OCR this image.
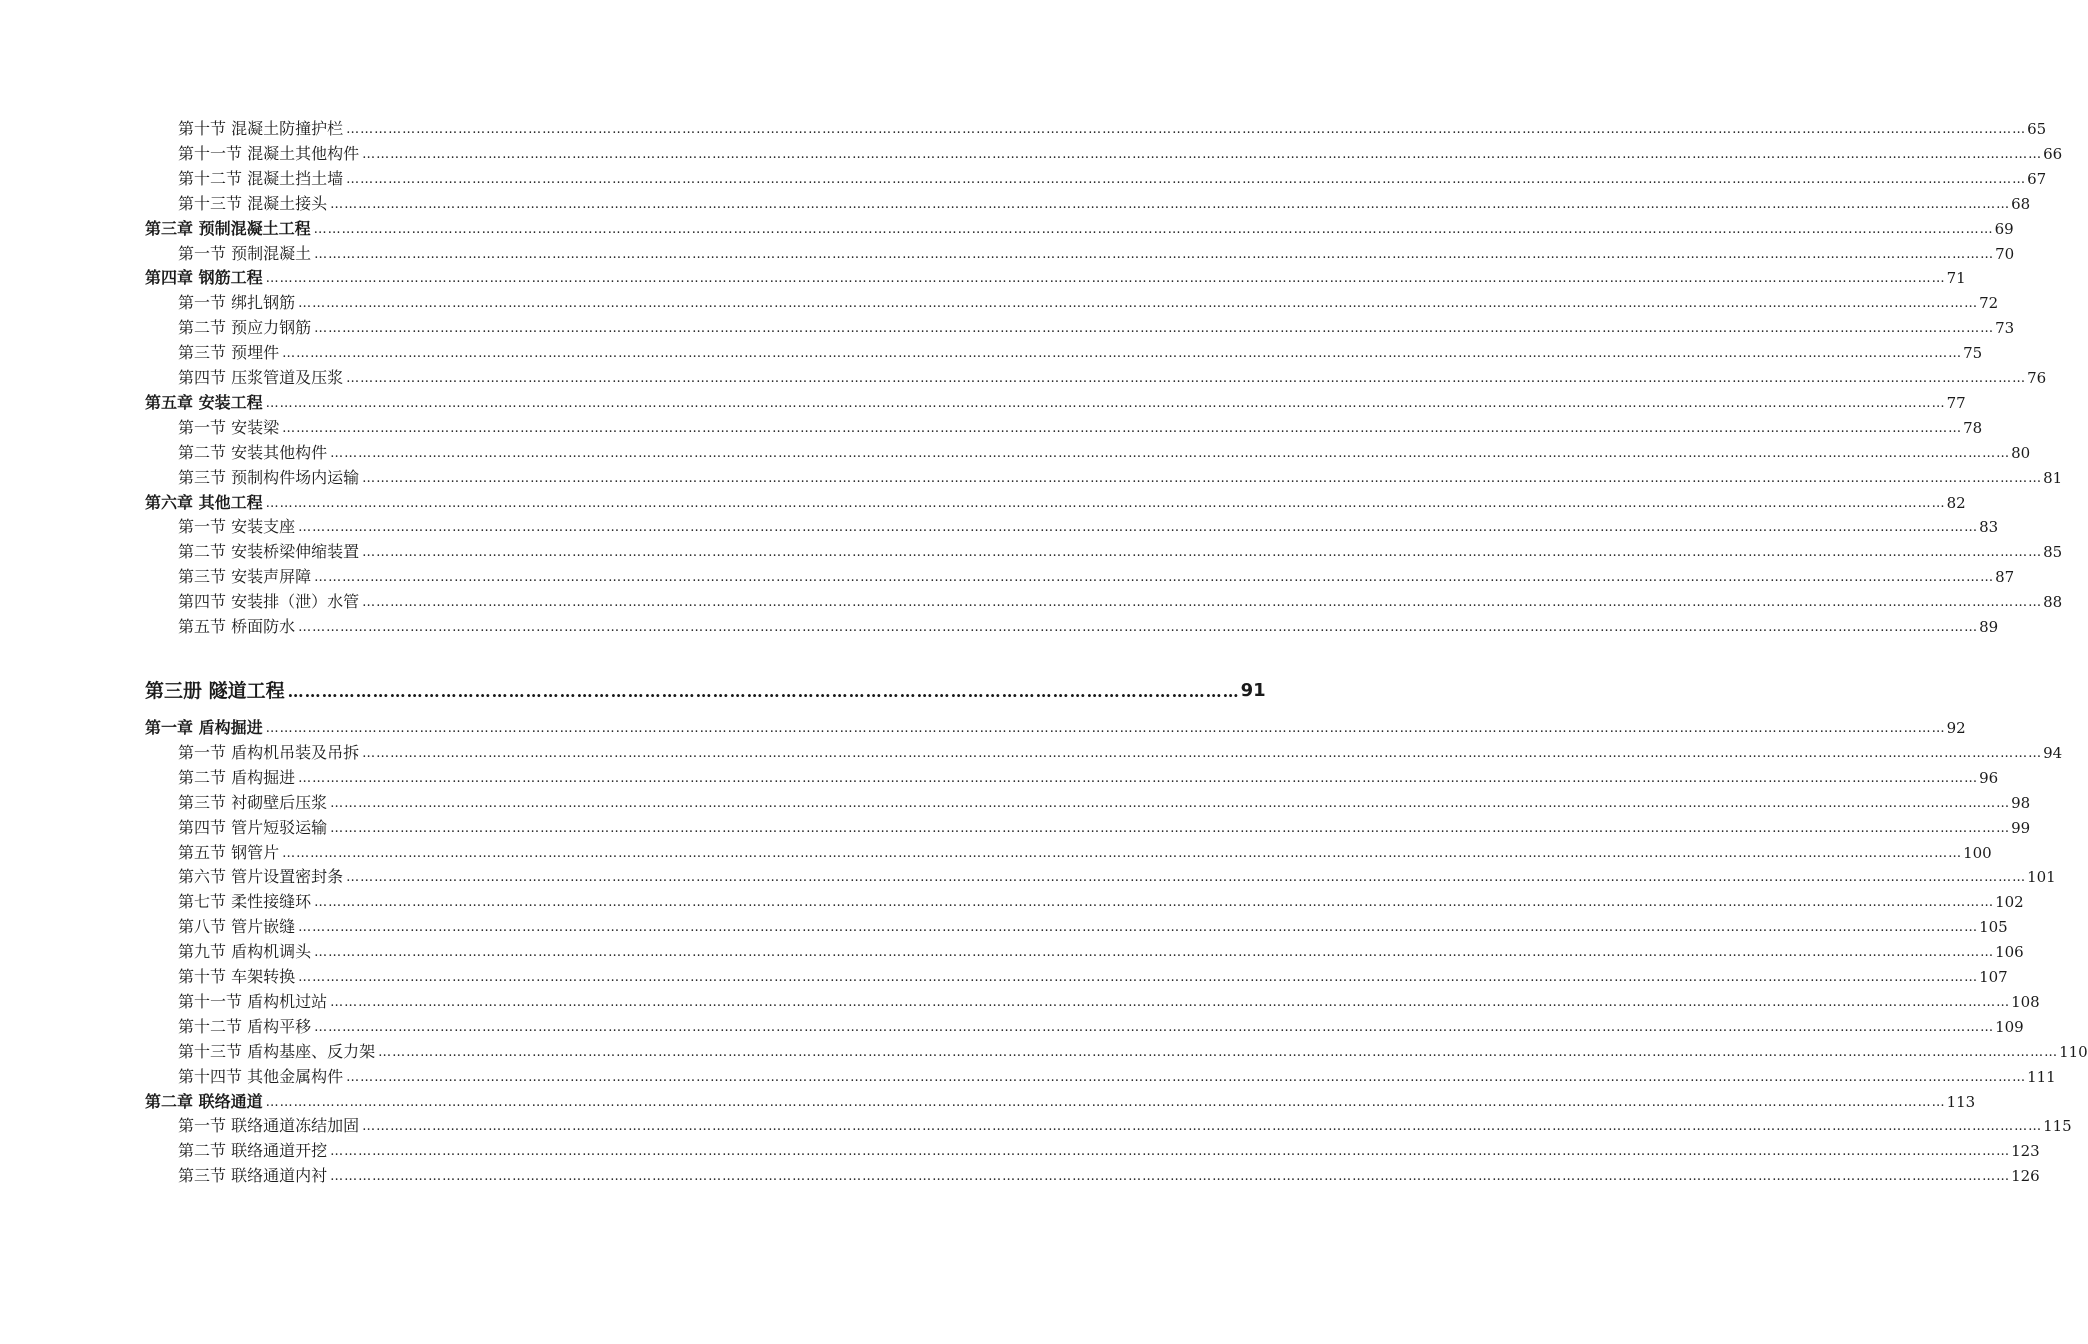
第十节 混凝土防撞护栏 ……………………………………………………………………………………………………………………………………………………………………………………………………………………………………………………………………………………………………………………………… 65
第十一节 混凝土其他构件 ……………………………………………………………………………………………………………………………………………………………………………………………………………………………………………………………………………………………………………………………… 66
第十二节 混凝土挡土墙 ……………………………………………………………………………………………………………………………………………………………………………………………………………………………………………………………………………………………………………………………… 67
第十三节 混凝土接头 ……………………………………………………………………………………………………………………………………………………………………………………………………………………………………………………………………………………………………………………………… 68
第三章 预制混凝土工程 ……………………………………………………………………………………………………………………………………………………………………………………………………………………………………………………………………………………………………………………………… 69
第一节 预制混凝土 ……………………………………………………………………………………………………………………………………………………………………………………………………………………………………………………………………………………………………………………………… 70
第四章 钢筋工程 ……………………………………………………………………………………………………………………………………………………………………………………………………………………………………………………………………………………………………………………………… 71
第一节 绑扎钢筋 ……………………………………………………………………………………………………………………………………………………………………………………………………………………………………………………………………………………………………………………………… 72
第二节 预应力钢筋 ……………………………………………………………………………………………………………………………………………………………………………………………………………………………………………………………………………………………………………………………… 73
第三节 预埋件 ……………………………………………………………………………………………………………………………………………………………………………………………………………………………………………………………………………………………………………………………… 75
第四节 压浆管道及压浆 ……………………………………………………………………………………………………………………………………………………………………………………………………………………………………………………………………………………………………………………………… 76
第五章 安装工程 ……………………………………………………………………………………………………………………………………………………………………………………………………………………………………………………………………………………………………………………………… 77
第一节 安装梁 ……………………………………………………………………………………………………………………………………………………………………………………………………………………………………………………………………………………………………………………………… 78
第二节 安装其他构件 ……………………………………………………………………………………………………………………………………………………………………………………………………………………………………………………………………………………………………………………………… 80
第三节 预制构件场内运输 ……………………………………………………………………………………………………………………………………………………………………………………………………………………………………………………………………………………………………………………………… 81
第六章 其他工程 ……………………………………………………………………………………………………………………………………………………………………………………………………………………………………………………………………………………………………………………………… 82
第一节 安装支座 ……………………………………………………………………………………………………………………………………………………………………………………………………………………………………………………………………………………………………………………………… 83
第二节 安装桥梁伸缩装置 ……………………………………………………………………………………………………………………………………………………………………………………………………………………………………………………………………………………………………………………………… 85
第三节 安装声屏障 ……………………………………………………………………………………………………………………………………………………………………………………………………………………………………………………………………………………………………………………………… 87
第四节 安装排（泄）水管 ……………………………………………………………………………………………………………………………………………………………………………………………………………………………………………………………………………………………………………………………… 88
第五节 桥面防水 ……………………………………………………………………………………………………………………………………………………………………………………………………………………………………………………………………………………………………………………………… 89
第三册 隧道工程 …………………………………………………………………………………………………………………………………………………… 91
第一章 盾构掘进 ……………………………………………………………………………………………………………………………………………………………………………………………………………………………………………………………………………………………………………………………… 92
第一节 盾构机吊装及吊拆 ……………………………………………………………………………………………………………………………………………………………………………………………………………………………………………………………………………………………………………………………… 94
第二节 盾构掘进 ……………………………………………………………………………………………………………………………………………………………………………………………………………………………………………………………………………………………………………………………… 96
第三节 衬砌壁后压浆 ……………………………………………………………………………………………………………………………………………………………………………………………………………………………………………………………………………………………………………………………… 98
第四节 管片短驳运输 ……………………………………………………………………………………………………………………………………………………………………………………………………………………………………………………………………………………………………………………………… 99
第五节 钢管片 ……………………………………………………………………………………………………………………………………………………………………………………………………………………………………………………………………………………………………………………………… 100
第六节 管片设置密封条 ……………………………………………………………………………………………………………………………………………………………………………………………………………………………………………………………………………………………………………………………… 101
第七节 柔性接缝环 ……………………………………………………………………………………………………………………………………………………………………………………………………………………………………………………………………………………………………………………………… 102
第八节 管片嵌缝 ……………………………………………………………………………………………………………………………………………………………………………………………………………………………………………………………………………………………………………………………… 105
第九节 盾构机调头 ……………………………………………………………………………………………………………………………………………………………………………………………………………………………………………………………………………………………………………………………… 106
第十节 车架转换 ……………………………………………………………………………………………………………………………………………………………………………………………………………………………………………………………………………………………………………………………… 107
第十一节 盾构机过站 ……………………………………………………………………………………………………………………………………………………………………………………………………………………………………………………………………………………………………………………………… 108
第十二节 盾构平移 ……………………………………………………………………………………………………………………………………………………………………………………………………………………………………………………………………………………………………………………………… 109
第十三节 盾构基座、反力架 ……………………………………………………………………………………………………………………………………………………………………………………………………………………………………………………………………………………………………………………………… 110
第十四节 其他金属构件 ……………………………………………………………………………………………………………………………………………………………………………………………………………………………………………………………………………………………………………………………… 111
第二章 联络通道 ……………………………………………………………………………………………………………………………………………………………………………………………………………………………………………………………………………………………………………………………… 113
第一节 联络通道冻结加固 ……………………………………………………………………………………………………………………………………………………………………………………………………………………………………………………………………………………………………………………………… 115
第二节 联络通道开挖 ……………………………………………………………………………………………………………………………………………………………………………………………………………………………………………………………………………………………………………………………… 123
第三节 联络通道内衬 ……………………………………………………………………………………………………………………………………………………………………………………………………………………………………………………………………………………………………………………………… 126
